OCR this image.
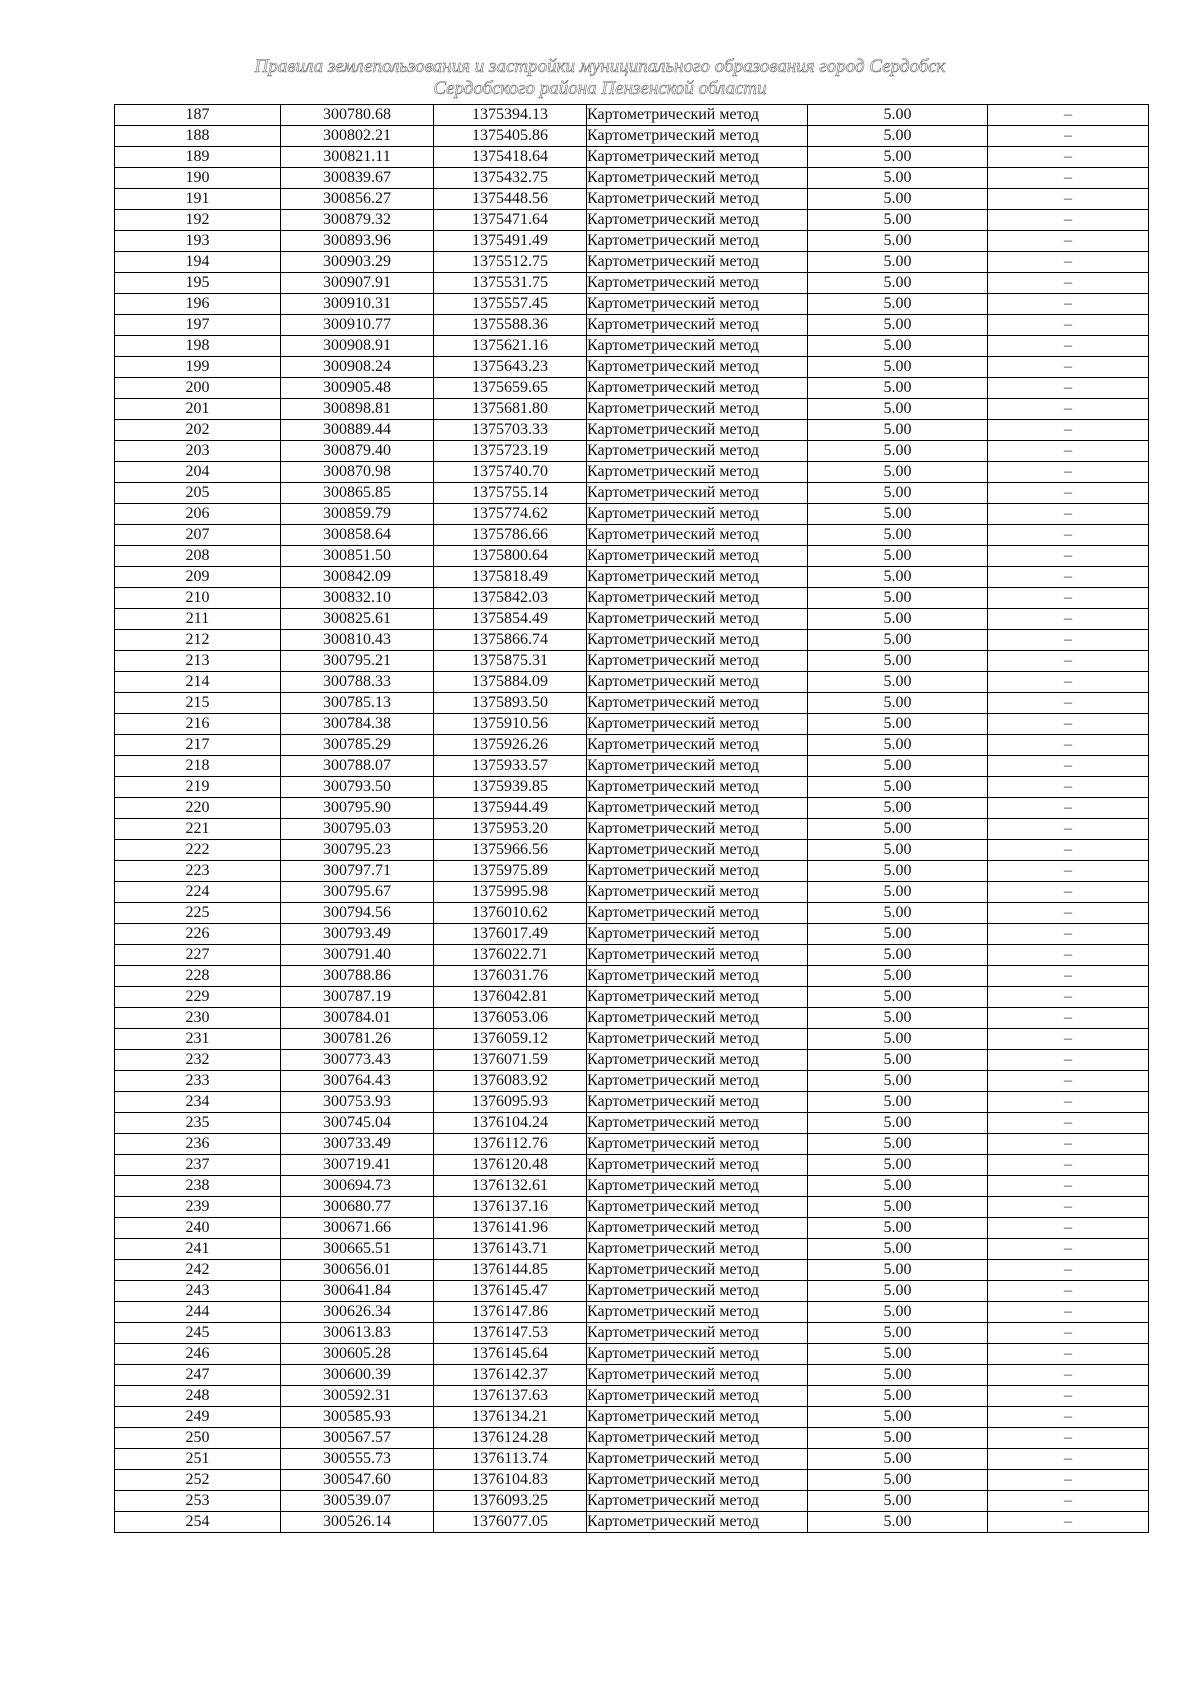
Правила землепользования и застройки муниципального образования город Сердобск
Сердобского района Пензенской области
187	300780.68	1375394.13	Картометрический метод	5.00	–
188	300802.21	1375405.86	Картометрический метод	5.00	–
189	300821.11	1375418.64	Картометрический метод	5.00	–
190	300839.67	1375432.75	Картометрический метод	5.00	–
191	300856.27	1375448.56	Картометрический метод	5.00	–
192	300879.32	1375471.64	Картометрический метод	5.00	–
193	300893.96	1375491.49	Картометрический метод	5.00	–
194	300903.29	1375512.75	Картометрический метод	5.00	–
195	300907.91	1375531.75	Картометрический метод	5.00	–
196	300910.31	1375557.45	Картометрический метод	5.00	–
197	300910.77	1375588.36	Картометрический метод	5.00	–
198	300908.91	1375621.16	Картометрический метод	5.00	–
199	300908.24	1375643.23	Картометрический метод	5.00	–
200	300905.48	1375659.65	Картометрический метод	5.00	–
201	300898.81	1375681.80	Картометрический метод	5.00	–
202	300889.44	1375703.33	Картометрический метод	5.00	–
203	300879.40	1375723.19	Картометрический метод	5.00	–
204	300870.98	1375740.70	Картометрический метод	5.00	–
205	300865.85	1375755.14	Картометрический метод	5.00	–
206	300859.79	1375774.62	Картометрический метод	5.00	–
207	300858.64	1375786.66	Картометрический метод	5.00	–
208	300851.50	1375800.64	Картометрический метод	5.00	–
209	300842.09	1375818.49	Картометрический метод	5.00	–
210	300832.10	1375842.03	Картометрический метод	5.00	–
211	300825.61	1375854.49	Картометрический метод	5.00	–
212	300810.43	1375866.74	Картометрический метод	5.00	–
213	300795.21	1375875.31	Картометрический метод	5.00	–
214	300788.33	1375884.09	Картометрический метод	5.00	–
215	300785.13	1375893.50	Картометрический метод	5.00	–
216	300784.38	1375910.56	Картометрический метод	5.00	–
217	300785.29	1375926.26	Картометрический метод	5.00	–
218	300788.07	1375933.57	Картометрический метод	5.00	–
219	300793.50	1375939.85	Картометрический метод	5.00	–
220	300795.90	1375944.49	Картометрический метод	5.00	–
221	300795.03	1375953.20	Картометрический метод	5.00	–
222	300795.23	1375966.56	Картометрический метод	5.00	–
223	300797.71	1375975.89	Картометрический метод	5.00	–
224	300795.67	1375995.98	Картометрический метод	5.00	–
225	300794.56	1376010.62	Картометрический метод	5.00	–
226	300793.49	1376017.49	Картометрический метод	5.00	–
227	300791.40	1376022.71	Картометрический метод	5.00	–
228	300788.86	1376031.76	Картометрический метод	5.00	–
229	300787.19	1376042.81	Картометрический метод	5.00	–
230	300784.01	1376053.06	Картометрический метод	5.00	–
231	300781.26	1376059.12	Картометрический метод	5.00	–
232	300773.43	1376071.59	Картометрический метод	5.00	–
233	300764.43	1376083.92	Картометрический метод	5.00	–
234	300753.93	1376095.93	Картометрический метод	5.00	–
235	300745.04	1376104.24	Картометрический метод	5.00	–
236	300733.49	1376112.76	Картометрический метод	5.00	–
237	300719.41	1376120.48	Картометрический метод	5.00	–
238	300694.73	1376132.61	Картометрический метод	5.00	–
239	300680.77	1376137.16	Картометрический метод	5.00	–
240	300671.66	1376141.96	Картометрический метод	5.00	–
241	300665.51	1376143.71	Картометрический метод	5.00	–
242	300656.01	1376144.85	Картометрический метод	5.00	–
243	300641.84	1376145.47	Картометрический метод	5.00	–
244	300626.34	1376147.86	Картометрический метод	5.00	–
245	300613.83	1376147.53	Картометрический метод	5.00	–
246	300605.28	1376145.64	Картометрический метод	5.00	–
247	300600.39	1376142.37	Картометрический метод	5.00	–
248	300592.31	1376137.63	Картометрический метод	5.00	–
249	300585.93	1376134.21	Картометрический метод	5.00	–
250	300567.57	1376124.28	Картометрический метод	5.00	–
251	300555.73	1376113.74	Картометрический метод	5.00	–
252	300547.60	1376104.83	Картометрический метод	5.00	–
253	300539.07	1376093.25	Картометрический метод	5.00	–
254	300526.14	1376077.05	Картометрический метод	5.00	–
